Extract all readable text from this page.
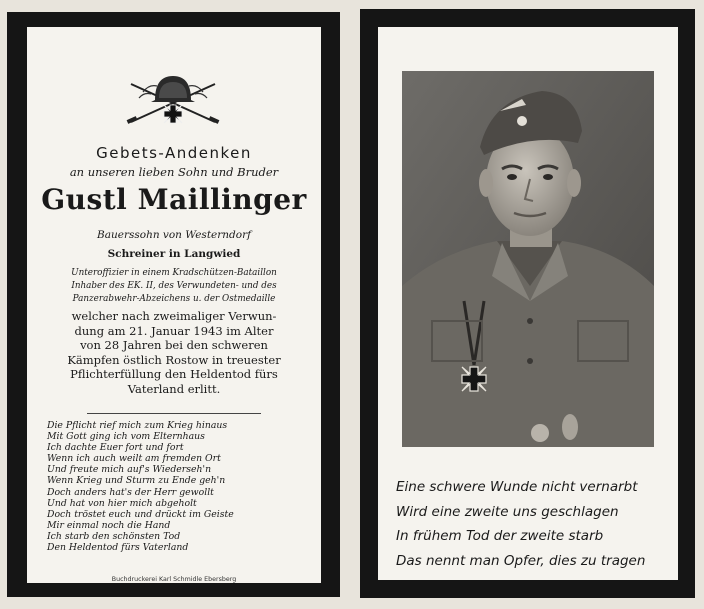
Gebets-Andenken
an unseren lieben Sohn und Bruder
Gustl Maillinger
Bauerssohn von Westerndorf
Schreiner in Langwied
Unteroffizier in einem Kradschützen-Bataillon
Inhaber des EK. II, des Verwundeten- und des
Panzerabwehr-Abzeichens u. der Ostmedaille
welcher nach zweimaliger Verwun-
dung am 21. Januar 1943 im Alter
von 28 Jahren bei den schweren
Kämpfen östlich Rostow in treuester
Pflichterfüllung den Heldentod fürs
Vaterland erlitt.
Die Pflicht rief mich zum Krieg hinaus
Mit Gott ging ich vom Elternhaus
Ich dachte Euer fort und fort
Wenn ich auch weilt am fremden Ort
Und freute mich auf's Wiederseh'n
Wenn Krieg und Sturm zu Ende geh'n
Doch anders hat's der Herr gewollt
Und hat von hier mich abgeholt
Doch tröstet euch und drückt im Geiste
Mir einmal noch die Hand
Ich starb den schönsten Tod
Den Heldentod fürs Vaterland
Buchdruckerei Karl Schmidle Ebersberg
Eine schwere Wunde nicht vernarbt
Wird eine zweite uns geschlagen
In frühem Tod der zweite starb
Das nennt man Opfer, dies zu tragen
